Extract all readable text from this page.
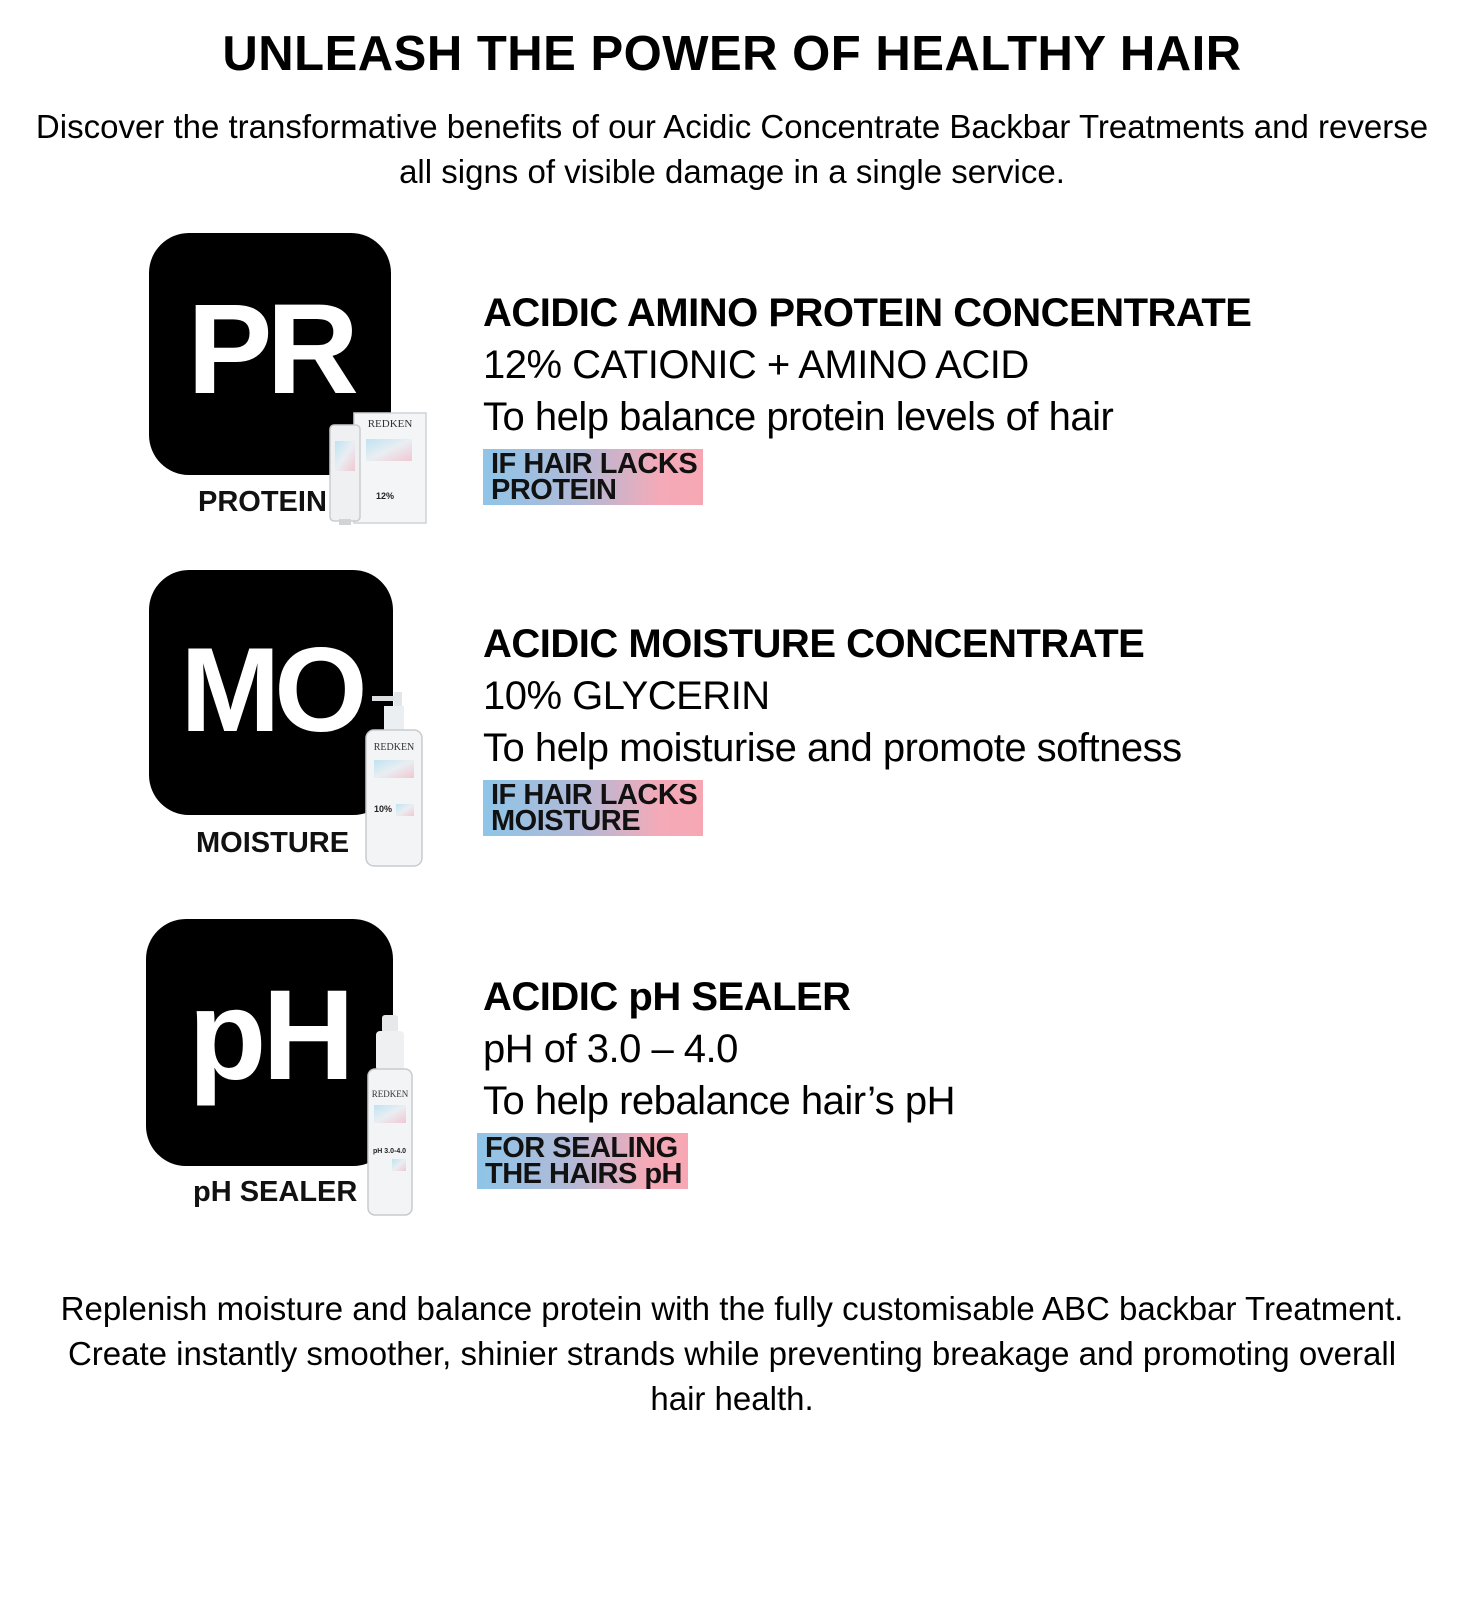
UNLEASH THE POWER OF HEALTHY HAIR

Discover the transformative benefits of our Acidic Concentrate Backbar Treatments and reverse all signs of visible damage in a single service.

PR
PROTEIN
REDKEN
12%
ACIDIC AMINO PROTEIN CONCENTRATE
12% CATIONIC + AMINO ACID
To help balance protein levels of hair
IF HAIR LACKS
PROTEIN
MO
MOISTURE
REDKEN
10%
ACIDIC MOISTURE CONCENTRATE
10% GLYCERIN
To help moisturise and promote softness
IF HAIR LACKS
MOISTURE
pH
pH SEALER
REDKEN
pH 3.0-4.0
ACIDIC pH SEALER
pH of 3.0 – 4.0
To help rebalance hair’s pH
FOR SEALING
THE HAIRS pH

Replenish moisture and balance protein with the fully customisable ABC backbar Treatment. Create instantly smoother, shinier strands while preventing breakage and promoting overall hair health.
